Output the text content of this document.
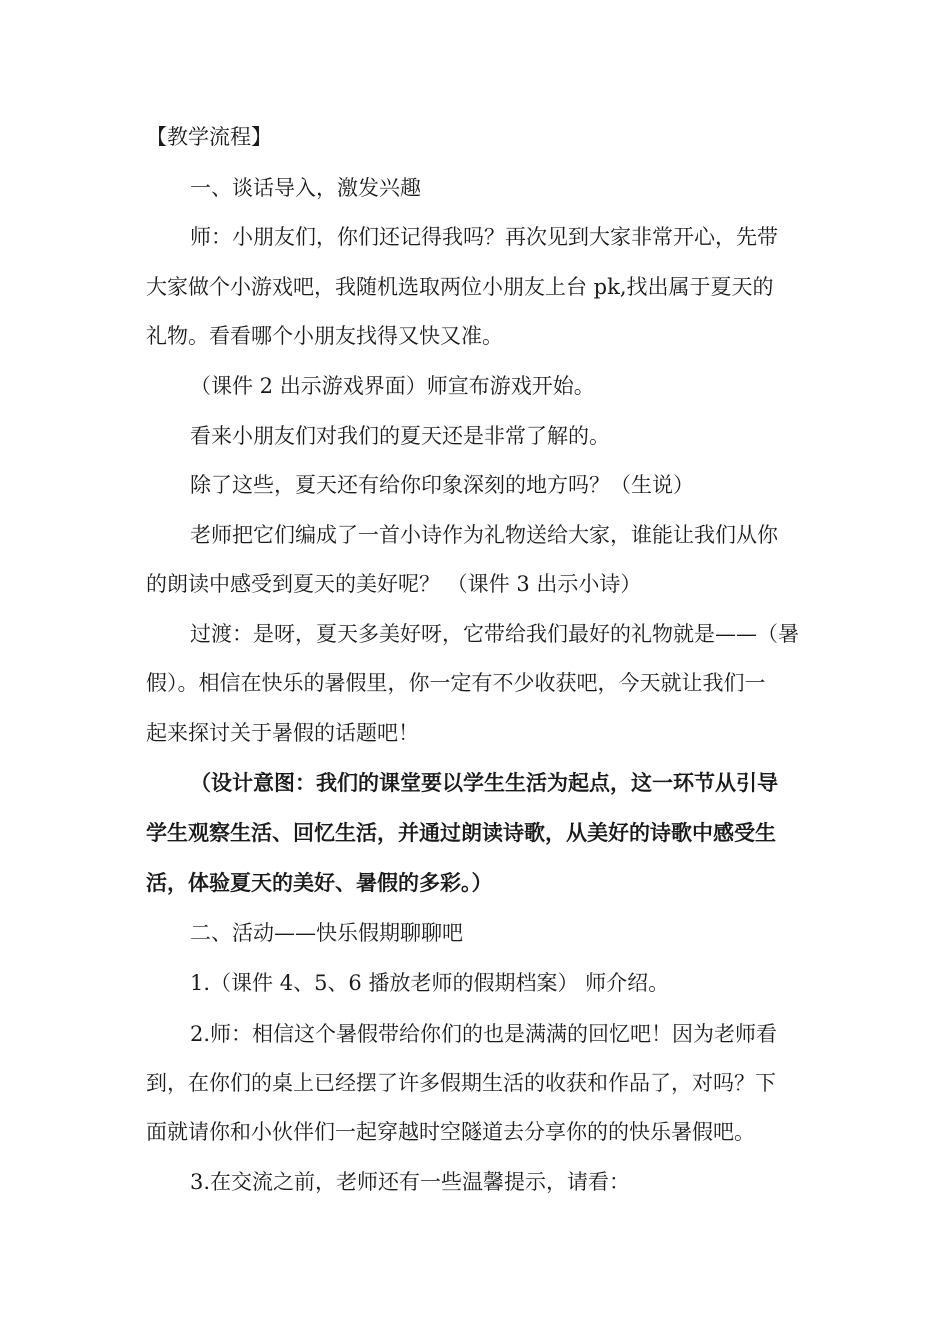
【教学流程】
一、谈话导入，激发兴趣
师：小朋友们，你们还记得我吗？再次见到大家非常开心，先带
大家做个小游戏吧，我随机选取两位小朋友上台 pk,找出属于夏天的
礼物。看看哪个小朋友找得又快又准。
（课件 2 出示游戏界面）师宣布游戏开始。
看来小朋友们对我们的夏天还是非常了解的。
除了这些，夏天还有给你印象深刻的地方吗？（生说）
老师把它们编成了一首小诗作为礼物送给大家，谁能让我们从你
的朗读中感受到夏天的美好呢？ （课件 3 出示小诗）
过渡：是呀，夏天多美好呀，它带给我们最好的礼物就是——（暑
假）。相信在快乐的暑假里，你一定有不少收获吧，今天就让我们一
起来探讨关于暑假的话题吧！
（设计意图：我们的课堂要以学生生活为起点，这一环节从引导
学生观察生活、回忆生活，并通过朗读诗歌，从美好的诗歌中感受生
活，体验夏天的美好、暑假的多彩。）
二、活动——快乐假期聊聊吧
1.（课件 4、5、6 播放老师的假期档案） 师介绍。
2.师：相信这个暑假带给你们的也是满满的回忆吧！因为老师看
到，在你们的桌上已经摆了许多假期生活的收获和作品了，对吗？下
面就请你和小伙伴们一起穿越时空隧道去分享你的的快乐暑假吧。
3.在交流之前，老师还有一些温馨提示，请看：
